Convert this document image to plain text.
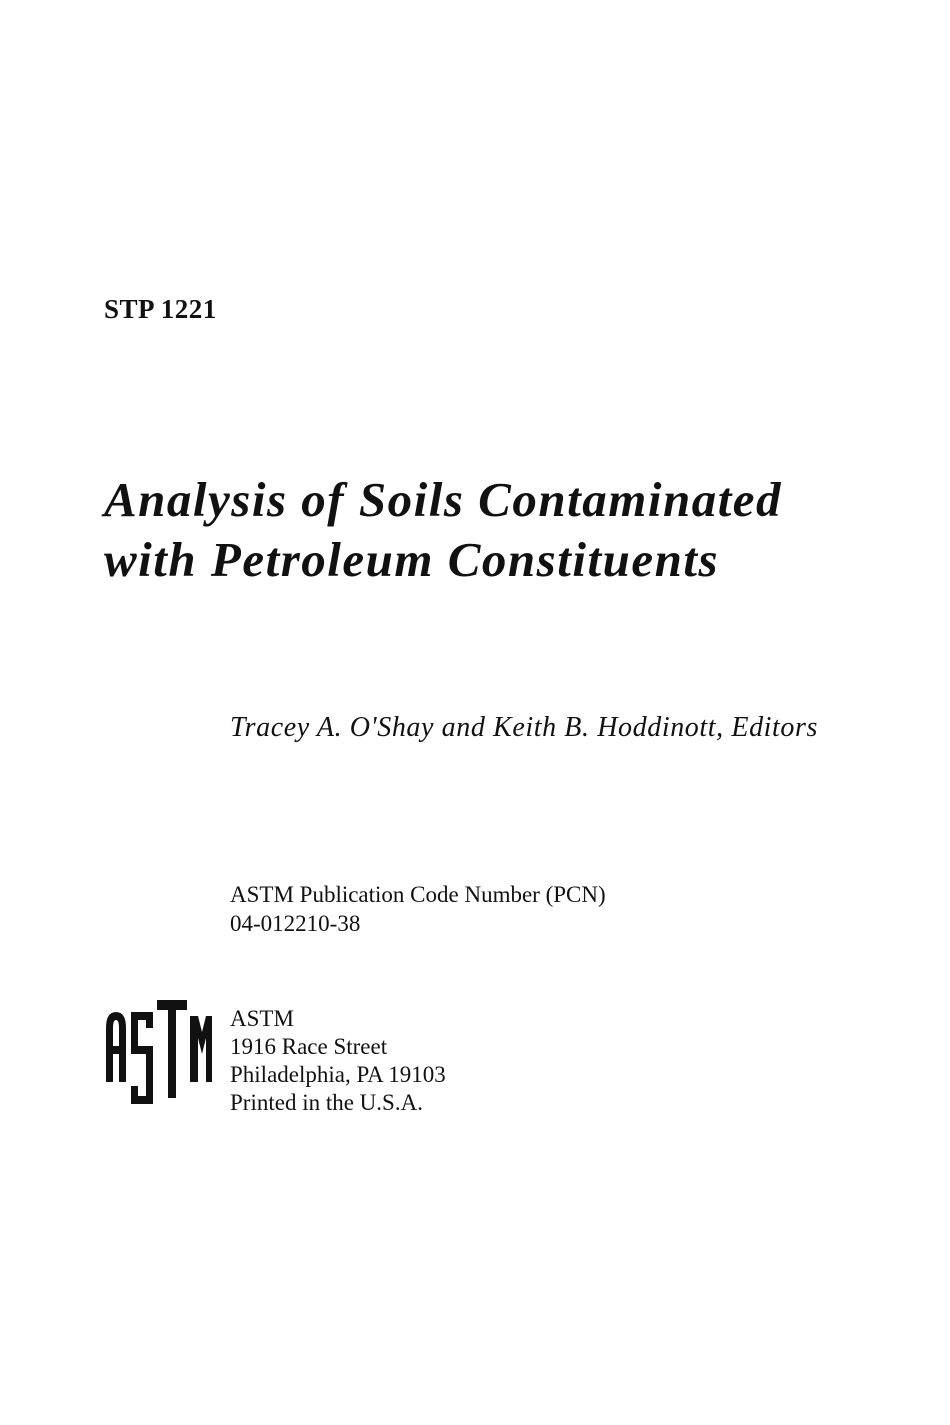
STP 1221
Analysis of Soils Contaminated
with Petroleum Constituents
Tracey A. O'Shay and Keith B. Hoddinott, Editors
ASTM Publication Code Number (PCN)
04-012210-38
ASTM
1916 Race Street
Philadelphia, PA 19103
Printed in the U.S.A.
